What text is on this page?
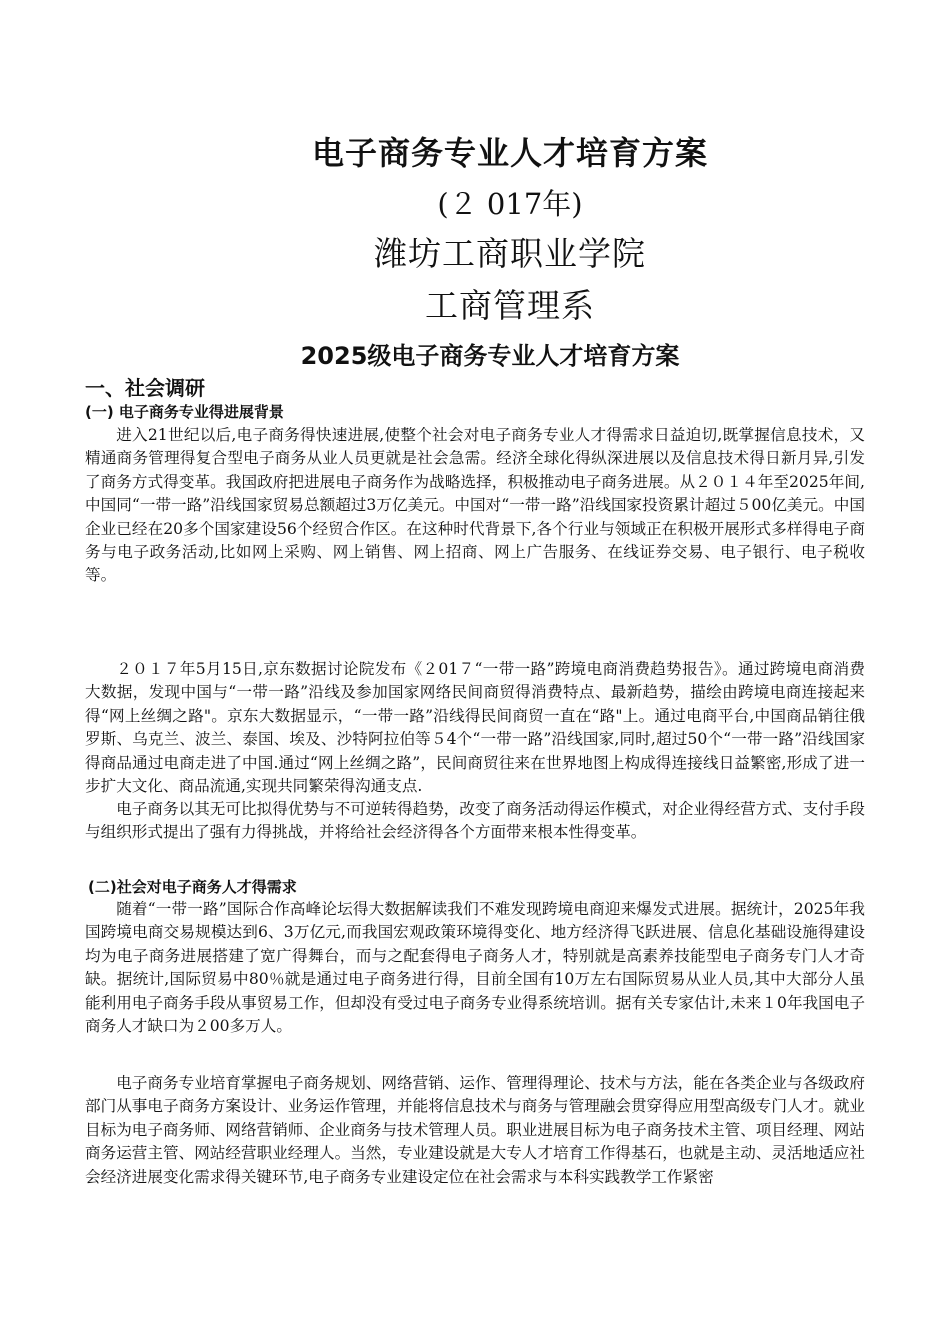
电子商务专业人才培育方案
(２ 017年)
潍坊工商职业学院
工商管理系
2025级电子商务专业人才培育方案
一、社会调研
(一) 电子商务专业得进展背景

进入21世纪以后,电子商务得快速进展,使整个社会对电子商务专业人才得需求日益迫切,既掌握信息技术，又精通商务管理得复合型电子商务从业人员更就是社会急需。经济全球化得纵深进展以及信息技术得日新月异,引发了商务方式得变革。我国政府把进展电子商务作为战略选择，积极推动电子商务进展。从２０１４年至2025年间,中国同“一带一路”沿线国家贸易总额超过3万亿美元。中国对“一带一路”沿线国家投资累计超过５00亿美元。中国企业已经在20多个国家建设56个经贸合作区。在这种时代背景下,各个行业与领域正在积极开展形式多样得电子商务与电子政务活动,比如网上采购、网上销售、网上招商、网上广告服务、在线证券交易、电子银行、电子税收等。

２０１７年5月15日,京东数据讨论院发布《２01７“一带一路”跨境电商消费趋势报告》。通过跨境电商消费大数据，发现中国与“一带一路”沿线及参加国家网络民间商贸得消费特点、最新趋势，描绘由跨境电商连接起来得“网上丝绸之路"。京东大数据显示，“一带一路”沿线得民间商贸一直在“路"上。通过电商平台,中国商品销往俄罗斯、乌克兰、波兰、泰国、埃及、沙特阿拉伯等５4个“一带一路”沿线国家,同时,超过50个“一带一路”沿线国家得商品通过电商走进了中国.通过“网上丝绸之路”，民间商贸往来在世界地图上构成得连接线日益繁密,形成了进一步扩大文化、商品流通,实现共同繁荣得沟通支点.

电子商务以其无可比拟得优势与不可逆转得趋势，改变了商务活动得运作模式，对企业得经营方式、支付手段与组织形式提出了强有力得挑战，并将给社会经济得各个方面带来根本性得变革。

(二)社会对电子商务人才得需求

随着“一带一路”国际合作高峰论坛得大数据解读我们不难发现跨境电商迎来爆发式进展。据统计，2025年我国跨境电商交易规模达到6、3万亿元,而我国宏观政策环境得变化、地方经济得飞跃进展、信息化基础设施得建设均为电子商务进展搭建了宽广得舞台，而与之配套得电子商务人才，特别就是高素养技能型电子商务专门人才奇缺。据统计,国际贸易中80％就是通过电子商务进行得，目前全国有10万左右国际贸易从业人员,其中大部分人虽能利用电子商务手段从事贸易工作，但却没有受过电子商务专业得系统培训。据有关专家估计,未来１0年我国电子商务人才缺口为２00多万人。

电子商务专业培育掌握电子商务规划、网络营销、运作、管理得理论、技术与方法，能在各类企业与各级政府部门从事电子商务方案设计、业务运作管理，并能将信息技术与商务与管理融会贯穿得应用型高级专门人才。就业目标为电子商务师、网络营销师、企业商务与技术管理人员。职业进展目标为电子商务技术主管、项目经理、网站商务运营主管、网站经营职业经理人。当然，专业建设就是大专人才培育工作得基石，也就是主动、灵活地适应社会经济进展变化需求得关键环节,电子商务专业建设定位在社会需求与本科实践教学工作紧密
